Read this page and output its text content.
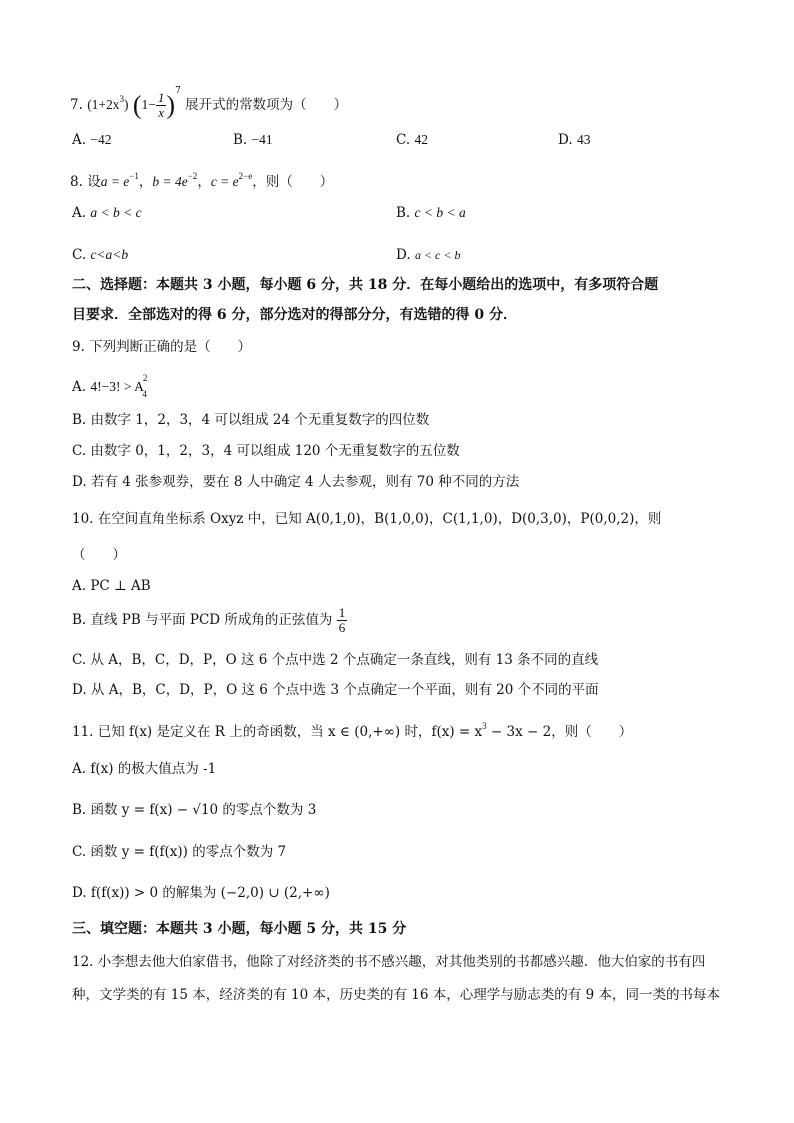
7. $(1+2x^3)$ $(1- \frac{1}{x} )^7$ 展开式的常数项为（　　）
A. −42	B. −41	C. 42	D. 43
8. 设$a = e^{-1}$，$b = 4e^{-2}$，$c = e^{2-e}$，则（　　）
A. a < b < c	B. c < b < a
C. c<a<b	D. a < c < b
二、选择题：本题共 3 小题，每小题 6 分，共 18 分．在每小题给出的选项中，有多项符合题
目要求．全部选对的得 6 分，部分选对的得部分分，有选错的得 0 分．
9. 下列判断正确的是（　　）
A. 4!−3! > $A^2_4$
B. 由数字 1，2，3，4 可以组成 24 个无重复数字的四位数
C. 由数字 0，1，2，3，4 可以组成 120 个无重复数字的五位数
D. 若有 4 张参观券，要在 8 人中确定 4 人去参观，则有 70 种不同的方法
10. 在空间直角坐标系 Oxyz 中，已知 A(0,1,0)，B(1,0,0)，C(1,1,0)，D(0,3,0)，P(0,0,2)，则
（　　）
A. PC ⊥ AB
B. 直线 PB 与平面 PCD 所成角的正弦值为 $\frac{1}{6}$
C. 从 A，B，C，D，P，O 这 6 个点中选 2 个点确定一条直线，则有 13 条不同的直线
D. 从 A，B，C，D，P，O 这 6 个点中选 3 个点确定一个平面，则有 20 个不同的平面
11. 已知 f(x) 是定义在 R 上的奇函数，当 x ∈ (0,+∞) 时，$f(x) = x^3 - 3x - 2$，则（　　）
A. f(x) 的极大值点为 -1
B. 函数 y = f(x) − √10 的零点个数为 3
C. 函数 y = f(f(x)) 的零点个数为 7
D. f(f(x)) > 0 的解集为 (−2,0) ∪ (2,+∞)
三、填空题：本题共 3 小题，每小题 5 分，共 15 分
12. 小李想去他大伯家借书，他除了对经济类的书不感兴趣，对其他类别的书都感兴趣．他大伯家的书有四
种，文学类的有 15 本，经济类的有 10 本，历史类的有 16 本，心理学与励志类的有 9 本，同一类的书每本
